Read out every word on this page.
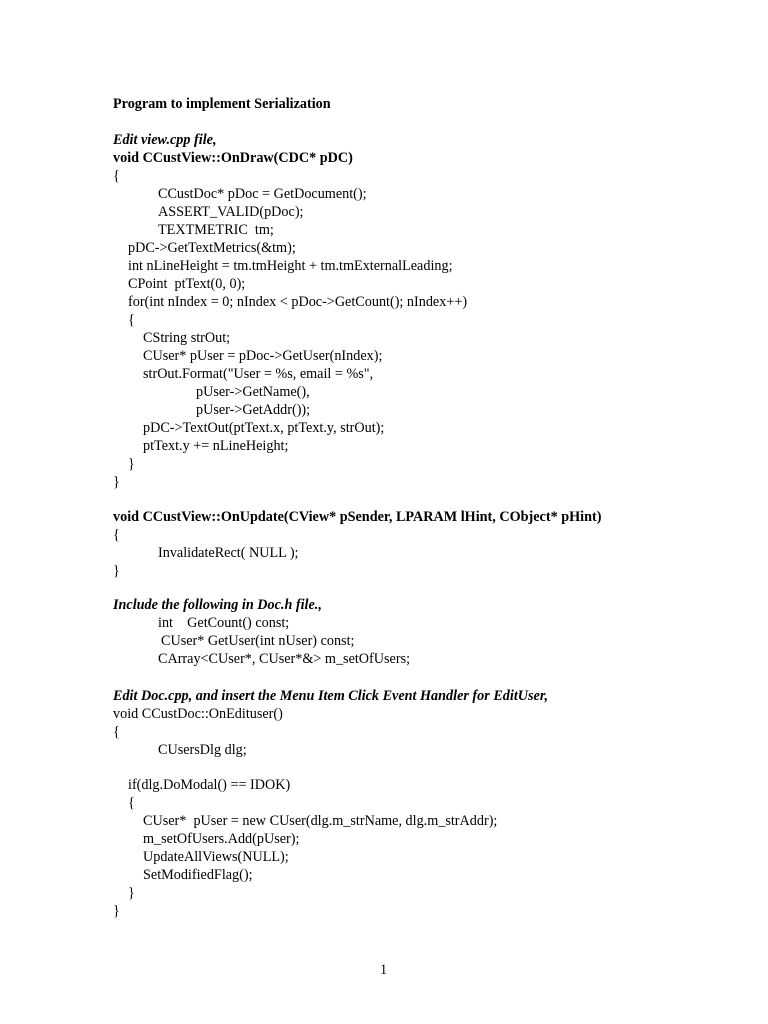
Program to implement Serialization
Edit view.cpp file,
void CCustView::OnDraw(CDC* pDC)
{
CCustDoc* pDoc = GetDocument();
ASSERT_VALID(pDoc);
TEXTMETRIC  tm;
pDC->GetTextMetrics(&tm);
int nLineHeight = tm.tmHeight + tm.tmExternalLeading;
CPoint  ptText(0, 0);
for(int nIndex = 0; nIndex < pDoc->GetCount(); nIndex++)
{
CString strOut;
CUser* pUser = pDoc->GetUser(nIndex);
strOut.Format("User = %s, email = %s",
pUser->GetName(),
pUser->GetAddr());
pDC->TextOut(ptText.x, ptText.y, strOut);
ptText.y += nLineHeight;
}
}
void CCustView::OnUpdate(CView* pSender, LPARAM lHint, CObject* pHint)
{
InvalidateRect( NULL );
}
Include the following in Doc.h file.,
int    GetCount() const;
CUser* GetUser(int nUser) const;
CArray<CUser*, CUser*&> m_setOfUsers;
Edit Doc.cpp, and insert the Menu Item Click Event Handler for EditUser,
void CCustDoc::OnEdituser()
{
CUsersDlg dlg;
if(dlg.DoModal() == IDOK)
{
CUser*  pUser = new CUser(dlg.m_strName, dlg.m_strAddr);
m_setOfUsers.Add(pUser);
UpdateAllViews(NULL);
SetModifiedFlag();
}
}
1
